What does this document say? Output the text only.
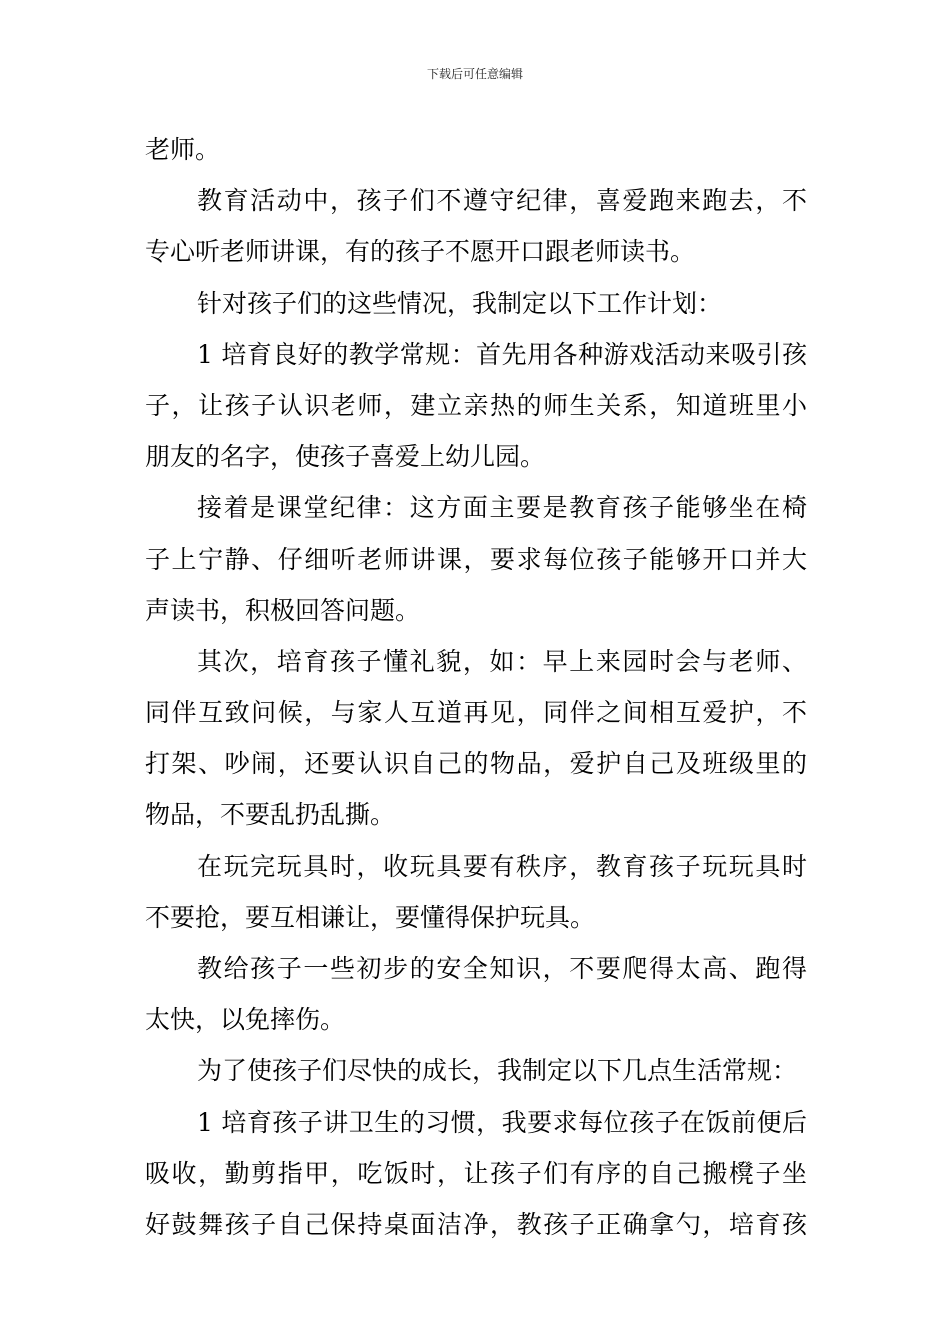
下载后可任意编辑
老师。
教育活动中，孩子们不遵守纪律，喜爱跑来跑去，不
专心听老师讲课，有的孩子不愿开口跟老师读书。
针对孩子们的这些情况，我制定以下工作计划：
1 培育良好的教学常规：首先用各种游戏活动来吸引孩
子，让孩子认识老师，建立亲热的师生关系，知道班里小
朋友的名字，使孩子喜爱上幼儿园。
接着是课堂纪律：这方面主要是教育孩子能够坐在椅
子上宁静、仔细听老师讲课，要求每位孩子能够开口并大
声读书，积极回答问题。
其次，培育孩子懂礼貌，如：早上来园时会与老师、
同伴互致问候，与家人互道再见，同伴之间相互爱护，不
打架、吵闹，还要认识自己的物品，爱护自己及班级里的
物品，不要乱扔乱撕。
在玩完玩具时，收玩具要有秩序，教育孩子玩玩具时
不要抢，要互相谦让，要懂得保护玩具。
教给孩子一些初步的安全知识，不要爬得太高、跑得
太快，以免摔伤。
为了使孩子们尽快的成长，我制定以下几点生活常规：
1 培育孩子讲卫生的习惯，我要求每位孩子在饭前便后
吸收，勤剪指甲，吃饭时，让孩子们有序的自己搬櫈子坐
好鼓舞孩子自己保持桌面洁净，教孩子正确拿勺，培育孩
